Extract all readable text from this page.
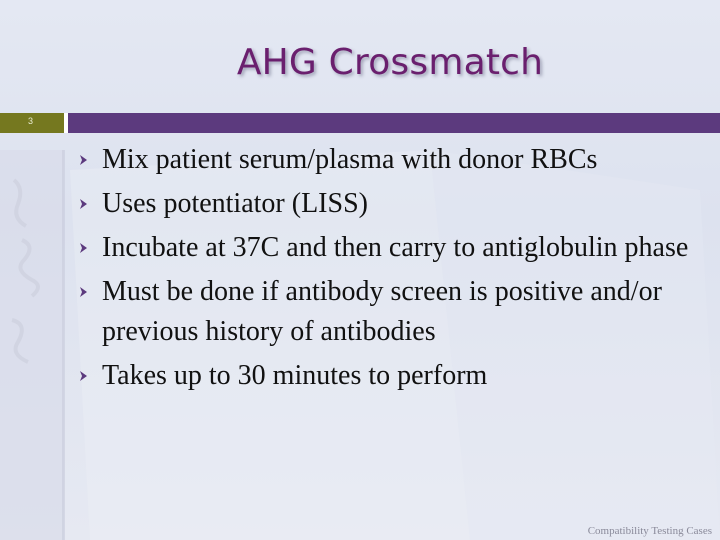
AHG Crossmatch
3
Mix patient serum/plasma with donor RBCs
Uses potentiator (LISS)
Incubate at 37C and then carry to antiglobulin phase
Must be done if antibody screen is positive and/or previous history of antibodies
Takes up to 30 minutes to perform
Compatibility Testing Cases
